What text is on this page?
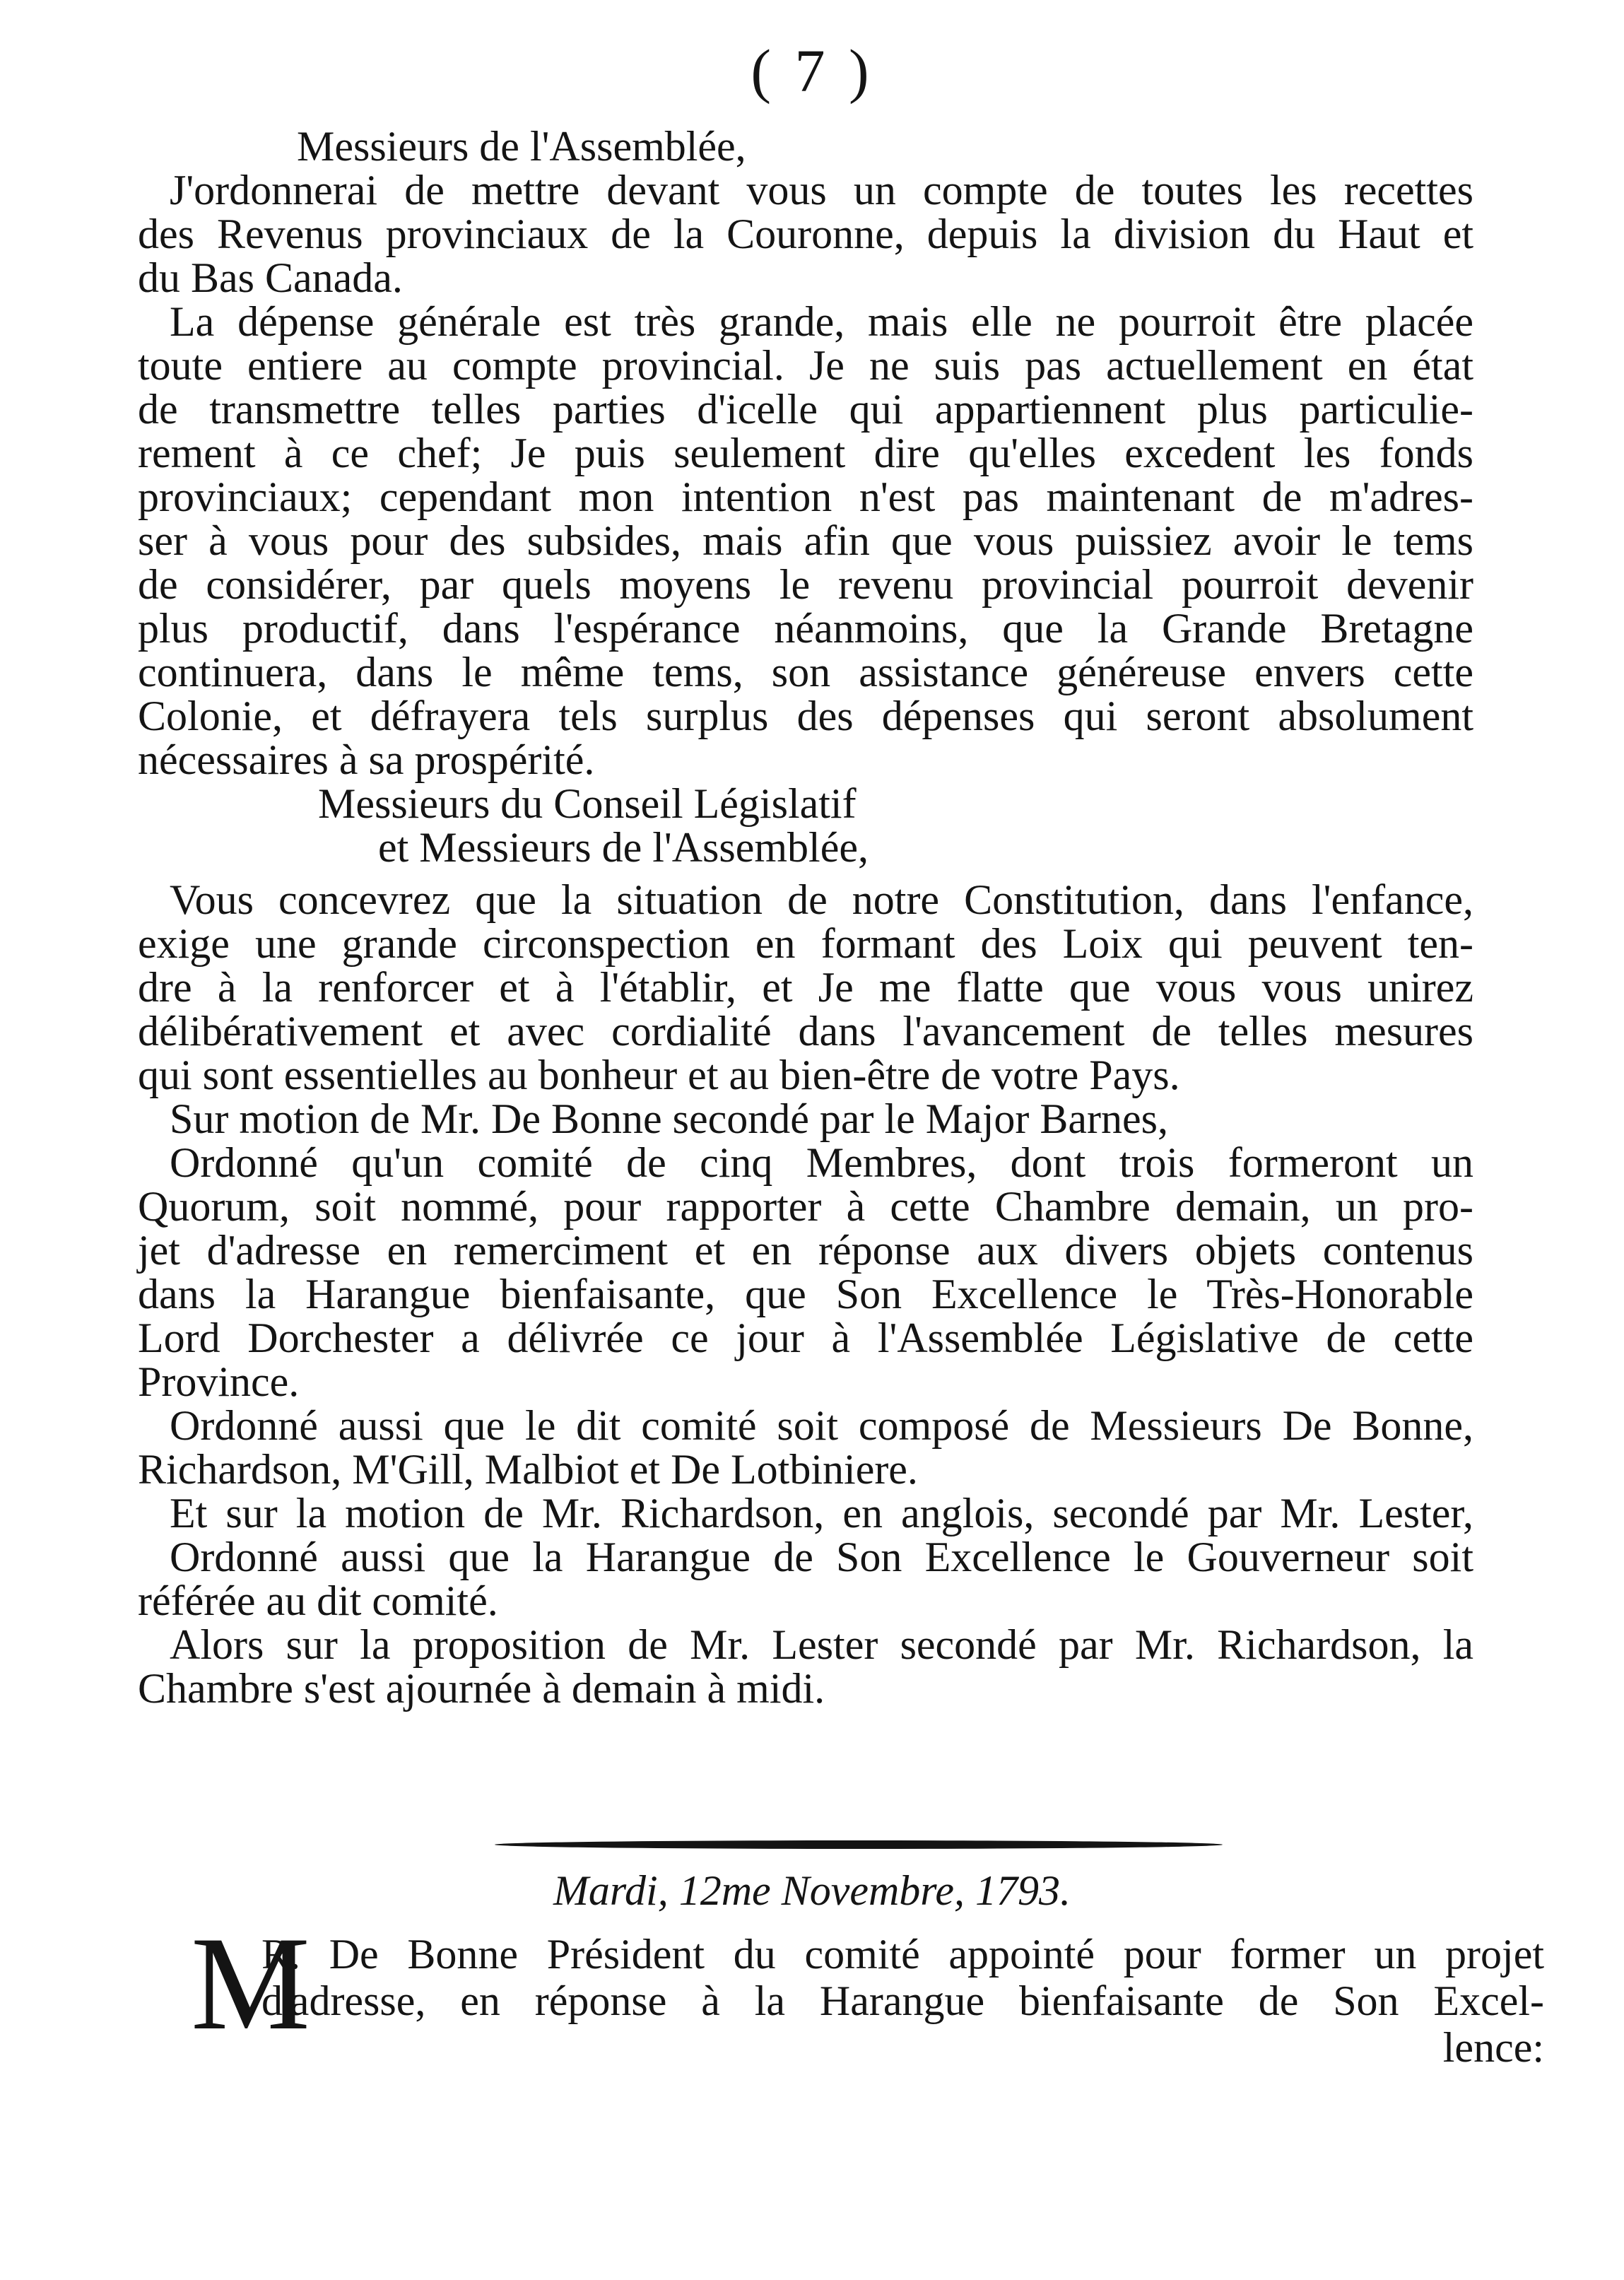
( 7 )
Messieurs de l'Assemblée,
J'ordonnerai de mettre devant vous un compte de toutes les recettes
des Revenus provinciaux de la Couronne, depuis la division du Haut et
du Bas Canada.
La dépense générale est très grande, mais elle ne pourroit être placée
toute entiere au compte provincial. Je ne suis pas actuellement en état
de transmettre telles parties d'icelle qui appartiennent plus particulie-
rement à ce chef; Je puis seulement dire qu'elles excedent les fonds
provinciaux; cependant mon intention n'est pas maintenant de m'adres-
ser à vous pour des subsides, mais afin que vous puissiez avoir le tems
de considérer, par quels moyens le revenu provincial pourroit devenir
plus productif, dans l'espérance néanmoins, que la Grande Bretagne
continuera, dans le même tems, son assistance généreuse envers cette
Colonie, et défrayera tels surplus des dépenses qui seront absolument
nécessaires à sa prospérité.
Messieurs du Conseil Législatif
et Messieurs de l'Assemblée,
Vous concevrez que la situation de notre Constitution, dans l'enfance,
exige une grande circonspection en formant des Loix qui peuvent ten-
dre à la renforcer et à l'établir, et Je me flatte que vous vous unirez
délibérativement et avec cordialité dans l'avancement de telles mesures
qui sont essentielles au bonheur et au bien-être de votre Pays.
Sur motion de Mr. De Bonne secondé par le Major Barnes,
Ordonné qu'un comité de cinq Membres, dont trois formeront un
Quorum, soit nommé, pour rapporter à cette Chambre demain, un pro-
jet d'adresse en remerciment et en réponse aux divers objets contenus
dans la Harangue bienfaisante, que Son Excellence le Très-Honorable
Lord Dorchester a délivrée ce jour à l'Assemblée Législative de cette
Province.
Ordonné aussi que le dit comité soit composé de Messieurs De Bonne,
Richardson, M'Gill, Malbiot et De Lotbiniere.
Et sur la motion de Mr. Richardson, en anglois, secondé par Mr. Lester,
Ordonné aussi que la Harangue de Son Excellence le Gouverneur soit
référée au dit comité.
Alors sur la proposition de Mr. Lester secondé par Mr. Richardson, la
Chambre s'est ajournée à demain à midi.
Mardi, 12me Novembre, 1793.
M
R. De Bonne Président du comité appointé pour former un projet
d'adresse, en réponse à la Harangue bienfaisante de Son Excel-
lence:
